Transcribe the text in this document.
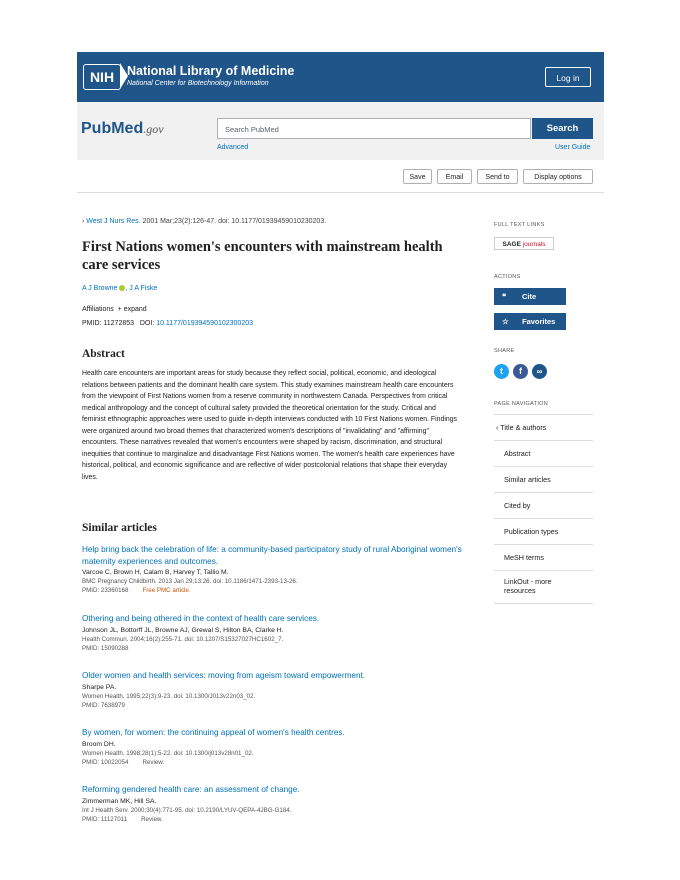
NIH	National Library of Medicine
National Center for Biotechnology Information
Log in
PubMed.gov	Search PubMed	Search
Advanced	User Guide
Save	Email	Send to	Display options
› West J Nurs Res. 2001 Mar;23(2):126-47. doi: 10.1177/01939459010230203.
First Nations women's encounters with mainstream health care services
A J Browne , J A Fiske
Affiliations + expand
PMID: 11272853 DOI: 10.1177/019394590102300203
Abstract
Health care encounters are important areas for study because they reflect social, political, economic, and ideological relations between patients and the dominant health care system. This study examines mainstream health care encounters from the viewpoint of First Nations women from a reserve community in northwestern Canada. Perspectives from critical medical anthropology and the concept of cultural safety provided the theoretical orientation for the study. Critical and feminist ethnographic approaches were used to guide in-depth interviews conducted with 10 First Nations women. Findings were organized around two broad themes that characterized women's descriptions of "invalidating" and "affirming" encounters. These narratives revealed that women's encounters were shaped by racism, discrimination, and structural inequities that continue to marginalize and disadvantage First Nations women. The women's health care experiences have historical, political, and economic significance and are reflective of wider postcolonial relations that shape their everyday lives.
Similar articles
Help bring back the celebration of life: a community-based participatory study of rural Aboriginal women's maternity experiences and outcomes.
Varcoe C, Brown H, Calam B, Harvey T, Tallio M.
BMC Pregnancy Childbirth. 2013 Jan 29;13:26. doi: 10.1186/1471-2393-13-26.
PMID: 23360168 Free PMC article.
Othering and being othered in the context of health care services.
Johnson JL, Bottorff JL, Browne AJ, Grewal S, Hilton BA, Clarke H.
Health Commun. 2004;16(2):255-71. doi: 10.1207/S15327027HC1602_7.
PMID: 15090288
Older women and health services: moving from ageism toward empowerment.
Sharpe PA.
Women Health. 1995;22(3):9-23. doi: 10.1300/J013v22n03_02.
PMID: 7638979
By women, for women: the continuing appeal of women's health centres.
Broom DH.
Women Health. 1998;28(1):5-22. doi: 10.1300/j013v28n01_02.
PMID: 10022054 Review.
Reforming gendered health care: an assessment of change.
Zimmerman MK, Hill SA.
Int J Health Serv. 2000;30(4):771-95. doi: 10.2190/LYUV-QEPA-4JBG-G184.
PMID: 11127011 Review.
FULL TEXT LINKS
SAGE journals
ACTIONS
❝ Cite
☆ Favorites
SHARE
t	f	∞
PAGE NAVIGATION
‹ Title & authors
Abstract
Similar articles
Cited by
Publication types
MeSH terms
LinkOut - more resources
